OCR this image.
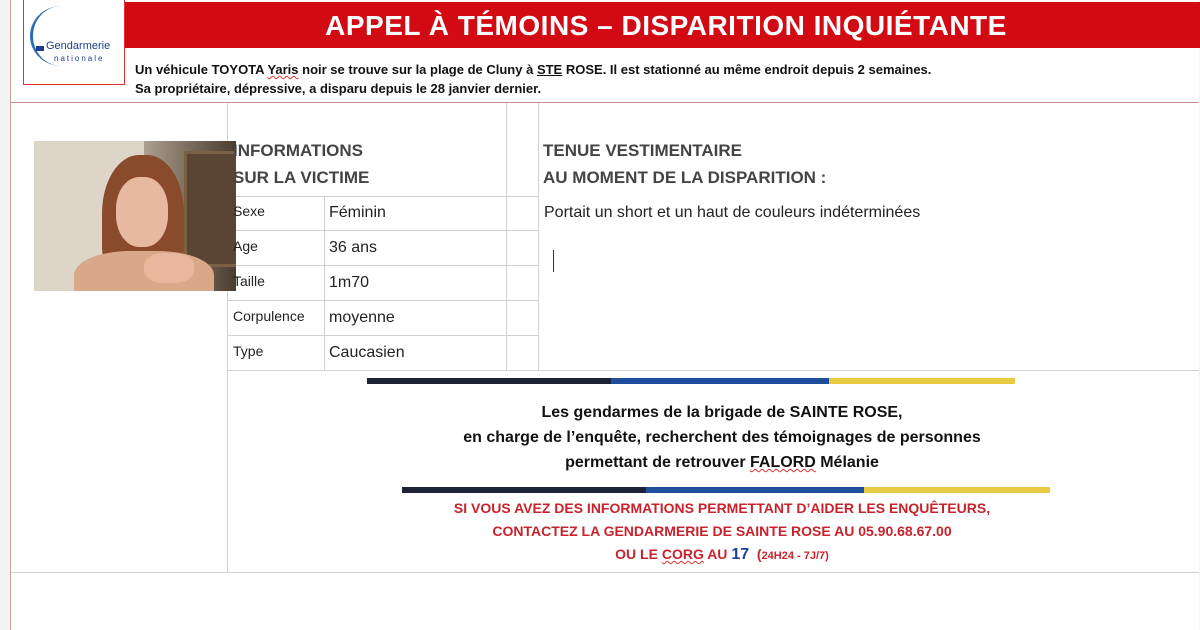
Gendarmerie
nationale
APPEL À TÉMOINS – DISPARITION INQUIÉTANTE
Un véhicule TOYOTA Yaris noir se trouve sur la plage de Cluny à STE ROSE. Il est stationné au même endroit depuis 2 semaines.
Sa propriétaire, dépressive, a disparu depuis le 28 janvier dernier.
INFORMATIONS
SUR LA VICTIME
TENUE VESTIMENTAIRE
AU MOMENT DE LA DISPARITION :
Sexe	Féminin
Age	36 ans
Taille	1m70
Corpulence moyenne
Type	Caucasien
Portait un short et un haut de couleurs indéterminées
Les gendarmes de la brigade de SAINTE ROSE,
en charge de l’enquête, recherchent des témoignages de personnes
permettant de retrouver FALORD Mélanie
SI VOUS AVEZ DES INFORMATIONS PERMETTANT D’AIDER LES ENQUÊTEURS,
CONTACTEZ LA GENDARMERIE DE SAINTE ROSE AU 05.90.68.67.00
OU LE CORG AU 17 (24H24 - 7J/7)
